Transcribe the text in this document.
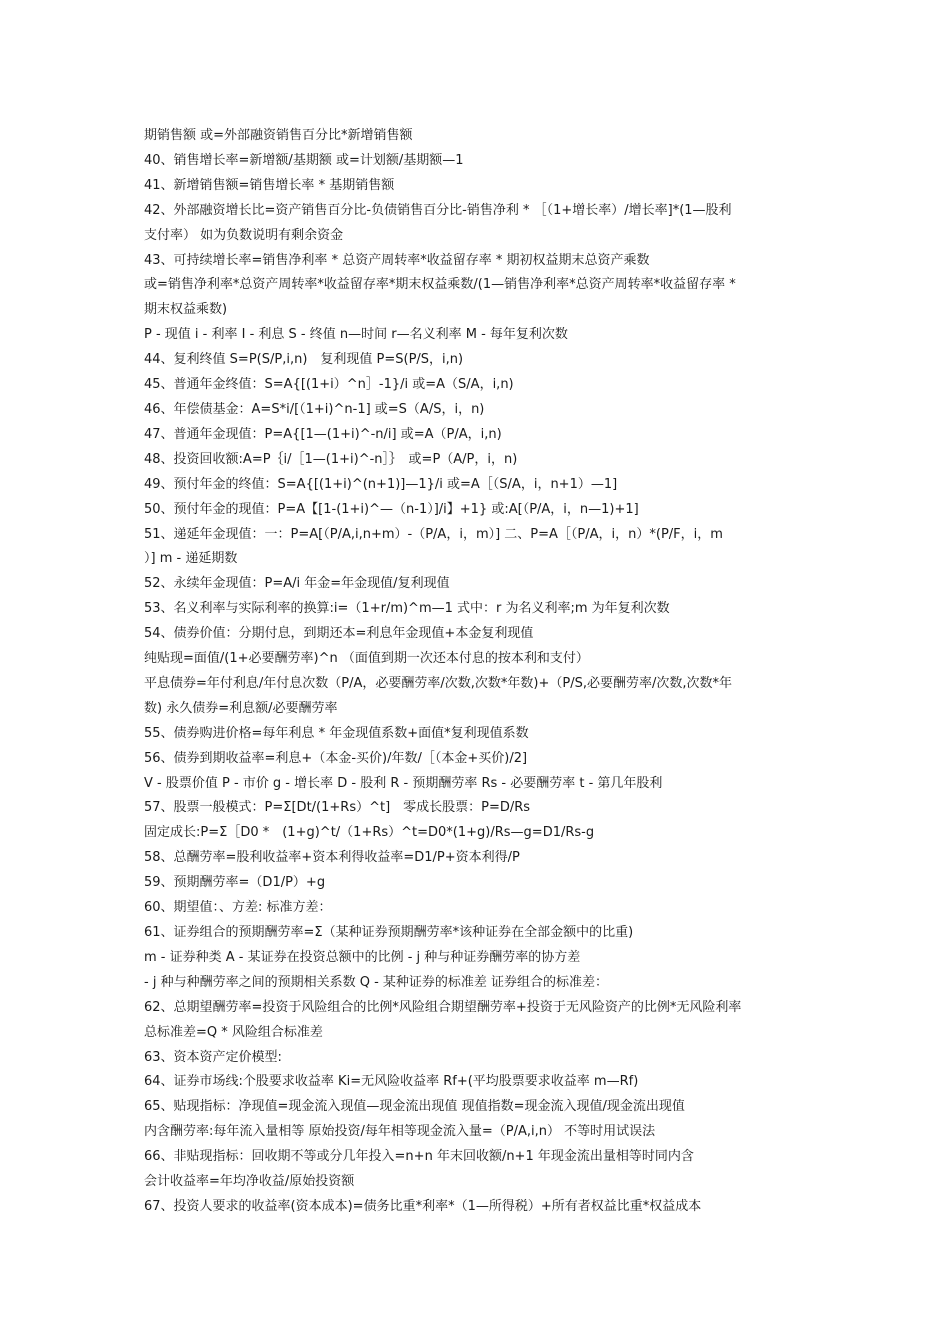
期销售额 或=外部融资销售百分比*新增销售额
40、销售增长率=新增额/基期额 或=计划额/基期额—1
41、新增销售额=销售增长率 * 基期销售额
42、外部融资增长比=资产销售百分比-负债销售百分比-销售净利 * ［（1+增长率）/增长率]*(1—股利
支付率） 如为负数说明有剩余资金
43、可持续增长率=销售净利率 * 总资产周转率*收益留存率 * 期初权益期末总资产乘数
或=销售净利率*总资产周转率*收益留存率*期末权益乘数/(1—销售净利率*总资产周转率*收益留存率 *
期末权益乘数)
P - 现值 i - 利率 I - 利息 S - 终值 n—时间 r—名义利率 M - 每年复利次数
44、复利终值 S=P(S/P,i,n)　复利现值 P=S(P/S，i,n)
45、普通年金终值：S=A{[(1+i）^n］-1}/i 或=A（S/A，i,n)
46、年偿债基金：A=S*i/[（1+i)^n-1] 或=S（A/S，i，n)
47、普通年金现值：P=A{[1—(1+i)^-n/i] 或=A（P/A，i,n)
48、投资回收额:A=P｛i/［1—(1+i)^-n］｝　或=P（A/P，i，n)
49、预付年金的终值：S=A{[(1+i)^(n+1)]—1}/i 或=A［（S/A，i，n+1）—1]
50、预付年金的现值：P=A【[1-(1+i)^—（n-1）]/i】+1} 或:A[（P/A，i，n—1)+1]
51、递延年金现值：一：P=A[（P/A,i,n+m）-（P/A，i，m）] 二、P=A［（P/A，i，n）*(P/F，i，m
）] m - 递延期数
52、永续年金现值：P=A/i 年金=年金现值/复利现值
53、名义利率与实际利率的换算:i=（1+r/m)^m—1 式中：r 为名义利率;m 为年复利次数
54、债券价值：分期付息，到期还本=利息年金现值+本金复利现值
纯贴现=面值/(1+必要酬劳率)^n （面值到期一次还本付息的按本利和支付）
平息债券=年付利息/年付息次数（P/A，必要酬劳率/次数,次数*年数)+（P/S,必要酬劳率/次数,次数*年
数) 永久债券=利息额/必要酬劳率
55、债券购进价格=每年利息 * 年金现值系数+面值*复利现值系数
56、债券到期收益率=利息+（本金-买价)/年数/［（本金+买价)/2]
V - 股票价值 P - 市价 g - 增长率 D - 股利 R - 预期酬劳率 Rs - 必要酬劳率 t - 第几年股利
57、股票一般模式：P=Σ[Dt/(1+Rs）^t]　零成长股票：P=D/Rs
固定成长:P=Σ［D0 *　(1+g)^t/（1+Rs）^t=D0*(1+g)/Rs—g=D1/Rs-g
58、总酬劳率=股利收益率+资本利得收益率=D1/P+资本利得/P
59、预期酬劳率=（D1/P）+g
60、期望值：、方差: 标准方差：
61、证券组合的预期酬劳率=Σ（某种证券预期酬劳率*该种证券在全部金额中的比重)
m - 证券种类 A - 某证券在投资总额中的比例 - j 种与种证券酬劳率的协方差
- j 种与种酬劳率之间的预期相关系数 Q - 某种证券的标准差 证券组合的标准差：
62、总期望酬劳率=投资于风险组合的比例*风险组合期望酬劳率+投资于无风险资产的比例*无风险利率
总标准差=Q * 风险组合标准差
63、资本资产定价模型:
64、证券市场线:个股要求收益率 Ki=无风险收益率 Rf+(平均股票要求收益率 m—Rf)
65、贴现指标：净现值=现金流入现值—现金流出现值 现值指数=现金流入现值/现金流出现值
内含酬劳率:每年流入量相等 原始投资/每年相等现金流入量=（P/A,i,n） 不等时用试误法
66、非贴现指标：回收期不等或分几年投入=n+n 年末回收额/n+1 年现金流出量相等时同内含
会计收益率=年均净收益/原始投资额
67、投资人要求的收益率(资本成本)=债务比重*利率*（1—所得税）+所有者权益比重*权益成本
